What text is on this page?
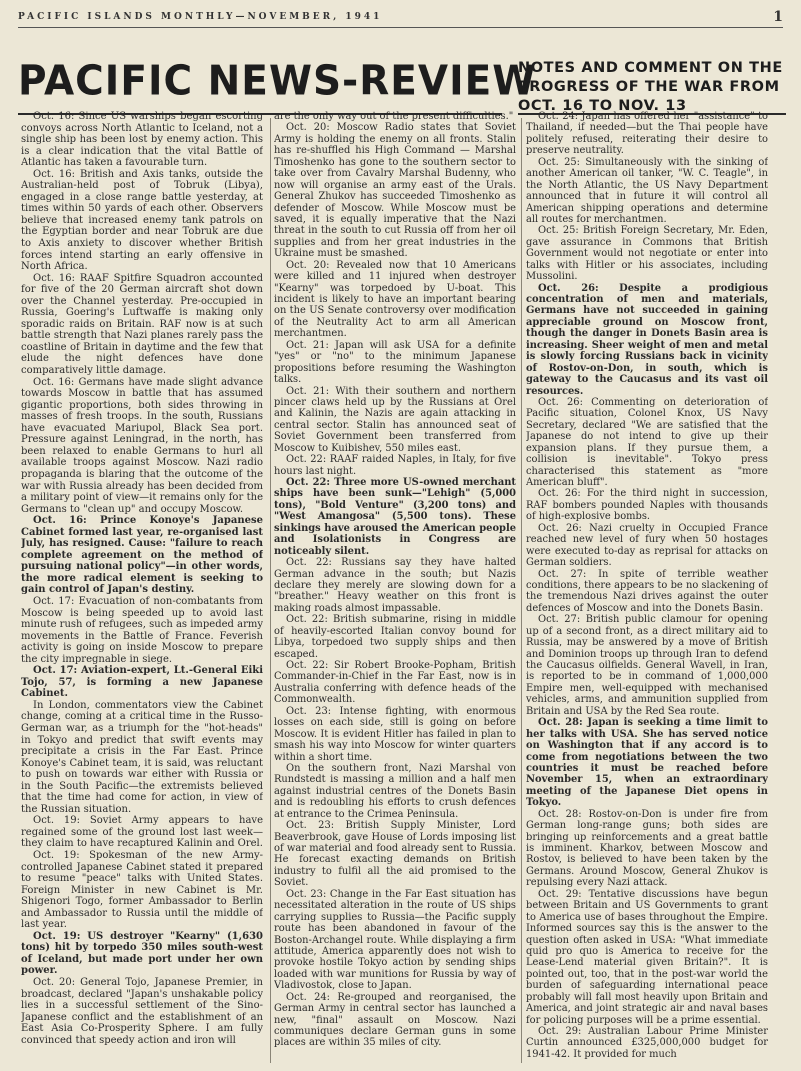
PACIFIC ISLANDS MONTHLY—NOVEMBER, 1941	1
PACIFIC NEWS-REVIEW
NOTES AND COMMENT ON THE PROGRESS OF THE WAR FROM OCT. 16 TO NOV. 13

Oct. 16: Since US warships began escorting convoys across North Atlantic to Iceland, not a single ship has been lost by enemy action. This is a clear indication that the vital Battle of Atlantic has taken a favourable turn.

Oct. 16: British and Axis tanks, outside the Australian-held post of Tobruk (Libya), engaged in a close range battle yesterday, at times within 50 yards of each other. Observers believe that increased enemy tank patrols on the Egyptian border and near Tobruk are due to Axis anxiety to discover whether British forces intend starting an early offensive in North Africa.

Oct. 16: RAAF Spitfire Squadron accounted for five of the 20 German aircraft shot down over the Channel yesterday. Pre-occupied in Russia, Goering's Luftwaffe is making only sporadic raids on Britain. RAF now is at such battle strength that Nazi planes rarely pass the coastline of Britain in daytime and the few that elude the night defences have done comparatively little damage.

Oct. 16: Germans have made slight advance towards Moscow in battle that has assumed gigantic proportions, both sides throwing in masses of fresh troops. In the south, Russians have evacuated Mariupol, Black Sea port. Pressure against Leningrad, in the north, has been relaxed to enable Germans to hurl all available troops against Moscow. Nazi radio propaganda is blaring that the outcome of the war with Russia already has been decided from a military point of view—it remains only for the Germans to "clean up" and occupy Moscow.

Oct. 16: Prince Konoye's Japanese Cabinet formed last year, re-organised last July, has resigned. Cause: "failure to reach complete agreement on the method of pursuing national policy"—in other words, the more radical element is seeking to gain control of Japan's destiny.

Oct. 17: Evacuation of non-combatants from Moscow is being speeded up to avoid last minute rush of refugees, such as impeded army movements in the Battle of France. Feverish activity is going on inside Moscow to prepare the city impregnable in siege.

Oct. 17: Aviation-expert, Lt.-General Eiki Tojo, 57, is forming a new Japanese Cabinet.

In London, commentators view the Cabinet change, coming at a critical time in the Russo-German war, as a triumph for the "hot-heads" in Tokyo and predict that swift events may precipitate a crisis in the Far East. Prince Konoye's Cabinet team, it is said, was reluctant to push on towards war either with Russia or in the South Pacific—the extremists believed that the time had come for action, in view of the Russian situation.

Oct. 19: Soviet Army appears to have regained some of the ground lost last week—they claim to have recaptured Kalinin and Orel.

Oct. 19: Spokesman of the new Army-controlled Japanese Cabinet stated it prepared to resume "peace" talks with United States. Foreign Minister in new Cabinet is Mr. Shigenori Togo, former Ambassador to Berlin and Ambassador to Russia until the middle of last year.

Oct. 19: US destroyer "Kearny" (1,630 tons) hit by torpedo 350 miles south-west of Iceland, but made port under her own power.

Oct. 20: General Tojo, Japanese Premier, in broadcast, declared "Japan's unshakable policy lies in a successful settlement of the Sino-Japanese conflict and the establishment of an East Asia Co-Prosperity Sphere. I am fully convinced that speedy action and iron will

are the only way out of the present difficulties."

Oct. 20: Moscow Radio states that Soviet Army is holding the enemy on all fronts. Stalin has re-shuffled his High Command — Marshal Timoshenko has gone to the southern sector to take over from Cavalry Marshal Budenny, who now will organise an army east of the Urals. General Zhukov has succeeded Timoshenko as defender of Moscow. While Moscow must be saved, it is equally imperative that the Nazi threat in the south to cut Russia off from her oil supplies and from her great industries in the Ukraine must be smashed.

Oct. 20: Revealed now that 10 Americans were killed and 11 injured when destroyer "Kearny" was torpedoed by U-boat. This incident is likely to have an important bearing on the US Senate controversy over modification of the Neutrality Act to arm all American merchantmen.

Oct. 21: Japan will ask USA for a definite "yes" or "no" to the minimum Japanese propositions before resuming the Washington talks.

Oct. 21: With their southern and northern pincer claws held up by the Russians at Orel and Kalinin, the Nazis are again attacking in central sector. Stalin has announced seat of Soviet Government been transferred from Moscow to Kuibishev, 550 miles east.

Oct. 22: RAAF raided Naples, in Italy, for five hours last night.

Oct. 22: Three more US-owned merchant ships have been sunk—"Lehigh" (5,000 tons), "Bold Venture" (3,200 tons) and "West Amangosa" (5,500 tons). These sinkings have aroused the American people and Isolationists in Congress are noticeably silent.

Oct. 22: Russians say they have halted German advance in the south; but Nazis declare they merely are slowing down for a "breather." Heavy weather on this front is making roads almost impassable.

Oct. 22: British submarine, rising in middle of heavily-escorted Italian convoy bound for Libya, torpedoed two supply ships and then escaped.

Oct. 22: Sir Robert Brooke-Popham, British Commander-in-Chief in the Far East, now is in Australia conferring with defence heads of the Commonwealth.

Oct. 23: Intense fighting, with enormous losses on each side, still is going on before Moscow. It is evident Hitler has failed in plan to smash his way into Moscow for winter quarters within a short time.

On the southern front, Nazi Marshal von Rundstedt is massing a million and a half men against industrial centres of the Donets Basin and is redoubling his efforts to crush defences at entrance to the Crimea Peninsula.

Oct. 23: British Supply Minister, Lord Beaverbrook, gave House of Lords imposing list of war material and food already sent to Russia. He forecast exacting demands on British industry to fulfil all the aid promised to the Soviet.

Oct. 23: Change in the Far East situation has necessitated alteration in the route of US ships carrying supplies to Russia—the Pacific supply route has been abandoned in favour of the Boston-Archangel route. While displaying a firm attitude, America apparently does not wish to provoke hostile Tokyo action by sending ships loaded with war munitions for Russia by way of Vladivostok, close to Japan.

Oct. 24: Re-grouped and reorganised, the German Army in central sector has launched a new, "final" assault on Moscow. Nazi communiques declare German guns in some places are within 35 miles of city.

Oct. 24: Japan has offered her "assistance" to Thailand, if needed—but the Thai people have politely refused, reiterating their desire to preserve neutrality.

Oct. 25: Simultaneously with the sinking of another American oil tanker, "W. C. Teagle", in the North Atlantic, the US Navy Department announced that in future it will control all American shipping operations and determine all routes for merchantmen.

Oct. 25: British Foreign Secretary, Mr. Eden, gave assurance in Commons that British Government would not negotiate or enter into talks with Hitler or his associates, including Mussolini.

Oct. 26: Despite a prodigious concentration of men and materials, Germans have not succeeded in gaining appreciable ground on Moscow front, though the danger in Donets Basin area is increasing. Sheer weight of men and metal is slowly forcing Russians back in vicinity of Rostov-on-Don, in south, which is gateway to the Caucasus and its vast oil resources.

Oct. 26: Commenting on deterioration of Pacific situation, Colonel Knox, US Navy Secretary, declared "We are satisfied that the Japanese do not intend to give up their expansion plans. If they pursue them, a collision is inevitable". Tokyo press characterised this statement as "more American bluff".

Oct. 26: For the third night in succession, RAF bombers pounded Naples with thousands of high-explosive bombs.

Oct. 26: Nazi cruelty in Occupied France reached new level of fury when 50 hostages were executed to-day as reprisal for attacks on German soldiers.

Oct. 27: In spite of terrible weather conditions, there appears to be no slackening of the tremendous Nazi drives against the outer defences of Moscow and into the Donets Basin.

Oct. 27: British public clamour for opening up of a second front, as a direct military aid to Russia, may be answered by a move of British and Dominion troops up through Iran to defend the Caucasus oilfields. General Wavell, in Iran, is reported to be in command of 1,000,000 Empire men, well-equipped with mechanised vehicles, arms, and ammunition supplied from Britain and USA by the Red Sea route.

Oct. 28: Japan is seeking a time limit to her talks with USA. She has served notice on Washington that if any accord is to come from negotiations between the two countries it must be reached before November 15, when an extraordinary meeting of the Japanese Diet opens in Tokyo.

Oct. 28: Rostov-on-Don is under fire from German long-range guns; both sides are bringing up reinforcements and a great battle is imminent. Kharkov, between Moscow and Rostov, is believed to have been taken by the Germans. Around Moscow, General Zhukov is repulsing every Nazi attack.

Oct. 29: Tentative discussions have begun between Britain and US Governments to grant to America use of bases throughout the Empire. Informed sources say this is the answer to the question often asked in USA: "What immediate quid pro quo is America to receive for the Lease-Lend material given Britain?". It is pointed out, too, that in the post-war world the burden of safeguarding international peace probably will fall most heavily upon Britain and America, and joint strategic air and naval bases for policing purposes will be a prime essential.

Oct. 29: Australian Labour Prime Minister Curtin announced £325,000,000 budget for 1941-42. It provided for much
